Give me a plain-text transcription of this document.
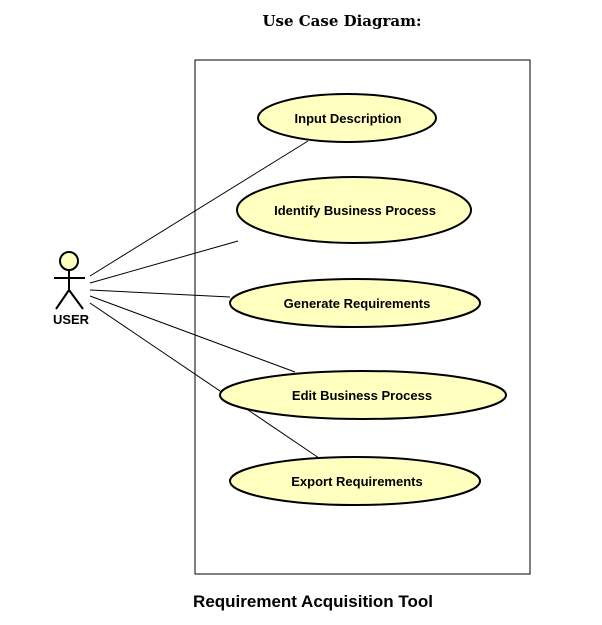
Use Case Diagram:
USER
Input Description
Identify Business Process
Generate Requirements
Edit Business Process
Export Requirements
Requirement Acquisition Tool
